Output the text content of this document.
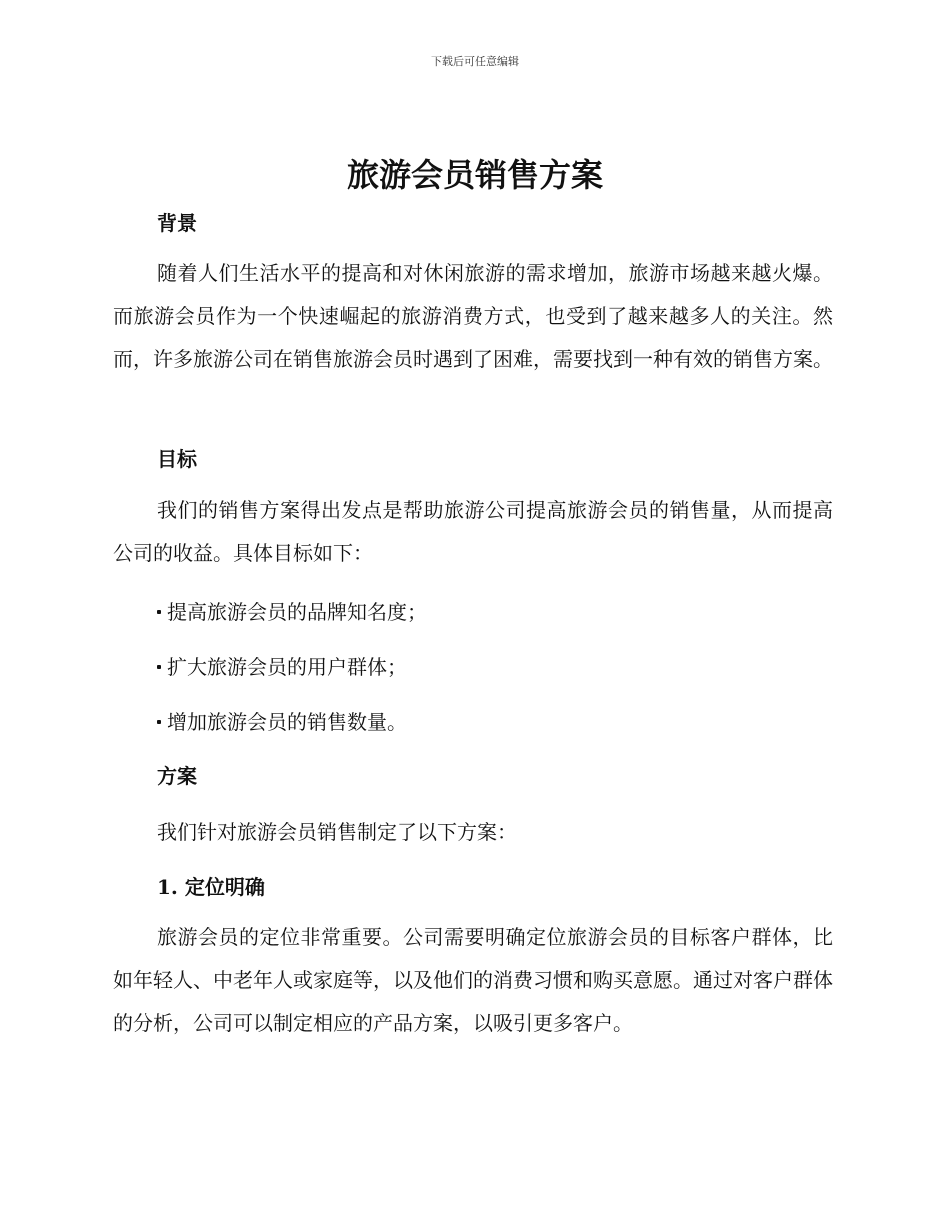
下载后可任意编辑
旅游会员销售方案
背景

随着人们生活水平的提高和对休闲旅游的需求增加，旅游市场越来越火爆。而旅游会员作为一个快速崛起的旅游消费方式，也受到了越来越多人的关注。然而，许多旅游公司在销售旅游会员时遇到了困难，需要找到一种有效的销售方案。

目标

我们的销售方案得出发点是帮助旅游公司提高旅游会员的销售量，从而提高公司的收益。具体目标如下：

提高旅游会员的品牌知名度；

扩大旅游会员的用户群体；

增加旅游会员的销售数量。

方案

我们针对旅游会员销售制定了以下方案：

1. 定位明确

旅游会员的定位非常重要。公司需要明确定位旅游会员的目标客户群体，比如年轻人、中老年人或家庭等，以及他们的消费习惯和购买意愿。通过对客户群体的分析，公司可以制定相应的产品方案，以吸引更多客户。
